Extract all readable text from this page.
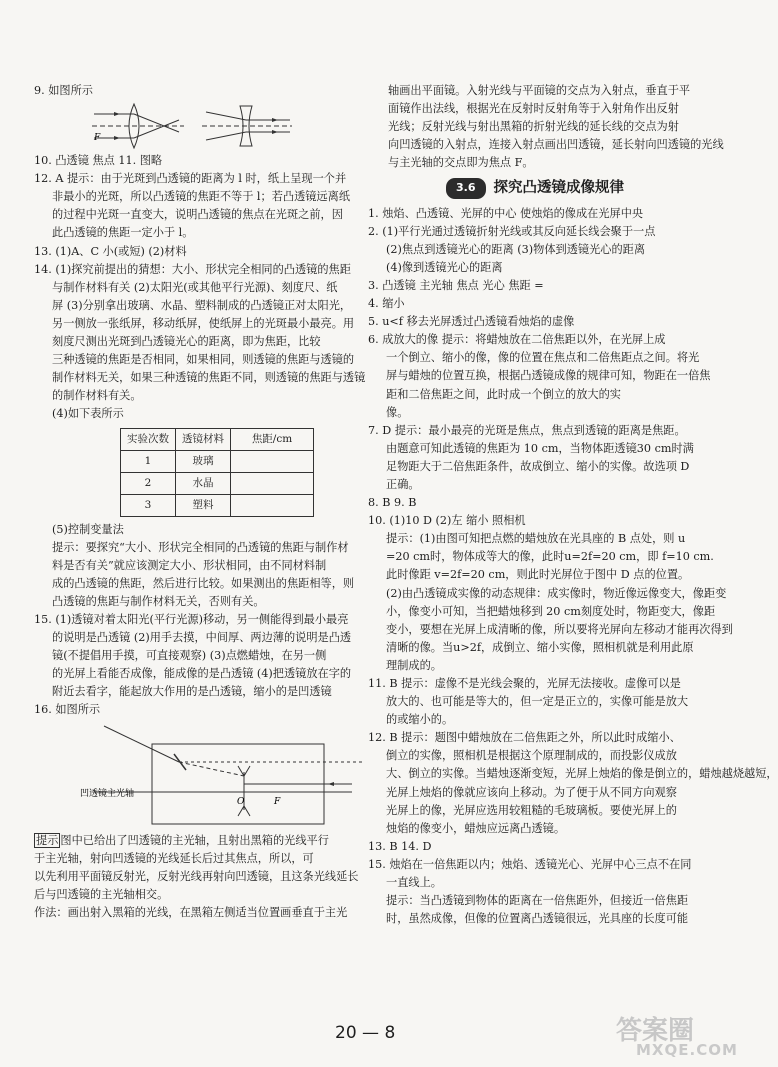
9. 如图所示

F

10. 凸透镜 焦点 11. 图略

12. A 提示：由于光斑到凸透镜的距离为 l 时，纸上呈现一个并

非最小的光斑，所以凸透镜的焦距不等于 l；若凸透镜远离纸

的过程中光斑一直变大，说明凸透镜的焦点在光斑之前，因

此凸透镜的焦距一定小于 l。

13. (1)A、C 小(或短) (2)材料

14. (1)探究前提出的猜想：大小、形状完全相同的凸透镜的焦距

与制作材料有关 (2)太阳光(或其他平行光源)、刻度尺、纸

屏 (3)分别拿出玻璃、水晶、塑料制成的凸透镜正对太阳光，

另一侧放一张纸屏，移动纸屏，使纸屏上的光斑最小最亮。用

刻度尺测出光斑到凸透镜光心的距离，即为焦距，比较

三种透镜的焦距是否相同，如果相同，则透镜的焦距与透镜的

制作材料无关，如果三种透镜的焦距不同，则透镜的焦距与透镜

的制作材料有关。

(4)如下表所示

实验次数	透镜材料	焦距/cm
1	玻璃	
2	水晶	
3	塑料	

(5)控制变量法

提示：要探究“大小、形状完全相同的凸透镜的焦距与制作材

料是否有关”就应该测定大小、形状相同，由不同材料制

成的凸透镜的焦距，然后进行比较。如果测出的焦距相等，则

凸透镜的焦距与制作材料无关，否则有关。

15. (1)透镜对着太阳光(平行光源)移动，另一侧能得到最小最亮

的说明是凸透镜 (2)用手去摸，中间厚、两边薄的说明是凸透

镜(不提倡用手摸，可直接观察) (3)点燃蜡烛，在另一侧

的光屏上看能否成像，能成像的是凸透镜 (4)把透镜放在字的

附近去看字，能起放大作用的是凸透镜，缩小的是凹透镜

16. 如图所示

O	F
凹透镜主光轴

提示 图中已给出了凹透镜的主光轴，且射出黑箱的光线平行

于主光轴，射向凹透镜的光线延长后过其焦点，所以，可

以先利用平面镜反射光，反射光线再射向凹透镜，且这条光线延长

后与凹透镜的主光轴相交。

作法：画出射入黑箱的光线，在黑箱左侧适当位置画垂直于主光

轴画出平面镜。入射光线与平面镜的交点为入射点，垂直于平

面镜作出法线，根据光在反射时反射角等于入射角作出反射

光线；反射光线与射出黑箱的折射光线的延长线的交点为射

向凹透镜的入射点，连接入射点画出凹透镜，延长射向凹透镜的光线

与主光轴的交点即为焦点 F。

3.6	探究凸透镜成像规律

1. 烛焰、凸透镜、光屏的中心 使烛焰的像成在光屏中央

2. (1)平行光通过透镜折射光线或其反向延长线会聚于一点

(2)焦点到透镜光心的距离 (3)物体到透镜光心的距离

(4)像到透镜光心的距离

3. 凸透镜 主光轴 焦点 光心 焦距 =

4. 缩小

5. u<f 移去光屏透过凸透镜看烛焰的虚像

6. 成放大的像 提示：将蜡烛放在二倍焦距以外，在光屏上成

一个倒立、缩小的像，像的位置在焦点和二倍焦距点之间。将光

屏与蜡烛的位置互换，根据凸透镜成像的规律可知，物距在一倍焦

距和二倍焦距之间，此时成一个倒立的放大的实

像。

7. D 提示：最小最亮的光斑是焦点，焦点到透镜的距离是焦距。

由题意可知此透镜的焦距为 10 cm，当物体距透镜30 cm时满

足物距大于二倍焦距条件，故成倒立、缩小的实像。故选项 D

正确。

8. B 9. B

10. (1)10 D (2)左 缩小 照相机

提示：(1)由图可知把点燃的蜡烛放在光具座的 B 点处，则 u

=20 cm时，物体成等大的像，此时u=2f=20 cm，即 f=10 cm.

此时像距 v=2f=20 cm，则此时光屏位于图中 D 点的位置。

(2)由凸透镜成实像的动态规律：成实像时，物近像远像变大，像距变

小，像变小可知，当把蜡烛移到 20 cm刻度处时，物距变大，像距

变小，要想在光屏上成清晰的像，所以要将光屏向左移动才能再次得到

清晰的像。当u>2f，成倒立、缩小实像，照相机就是利用此原

理制成的。

11. B 提示：虚像不是光线会聚的，光屏无法接收。虚像可以是

放大的、也可能是等大的，但一定是正立的，实像可能是放大

的或缩小的。

12. B 提示：题图中蜡烛放在二倍焦距之外，所以此时成缩小、

倒立的实像，照相机是根据这个原理制成的，而投影仪成放

大、倒立的实像。当蜡烛逐渐变短，光屏上烛焰的像是倒立的，蜡烛越烧越短，

光屏上烛焰的像就应该向上移动。为了便于从不同方向观察

光屏上的像，光屏应选用较粗糙的毛玻璃板。要使光屏上的

烛焰的像变小，蜡烛应远离凸透镜。

13. B 14. D

15. 烛焰在一倍焦距以内；烛焰、透镜光心、光屏中心三点不在同

一直线上。

提示：当凸透镜到物体的距离在一倍焦距外，但接近一倍焦距

时，虽然成像，但像的位置离凸透镜很远，光具座的长度可能

20 — 8	答案圈
MXQE.COM
